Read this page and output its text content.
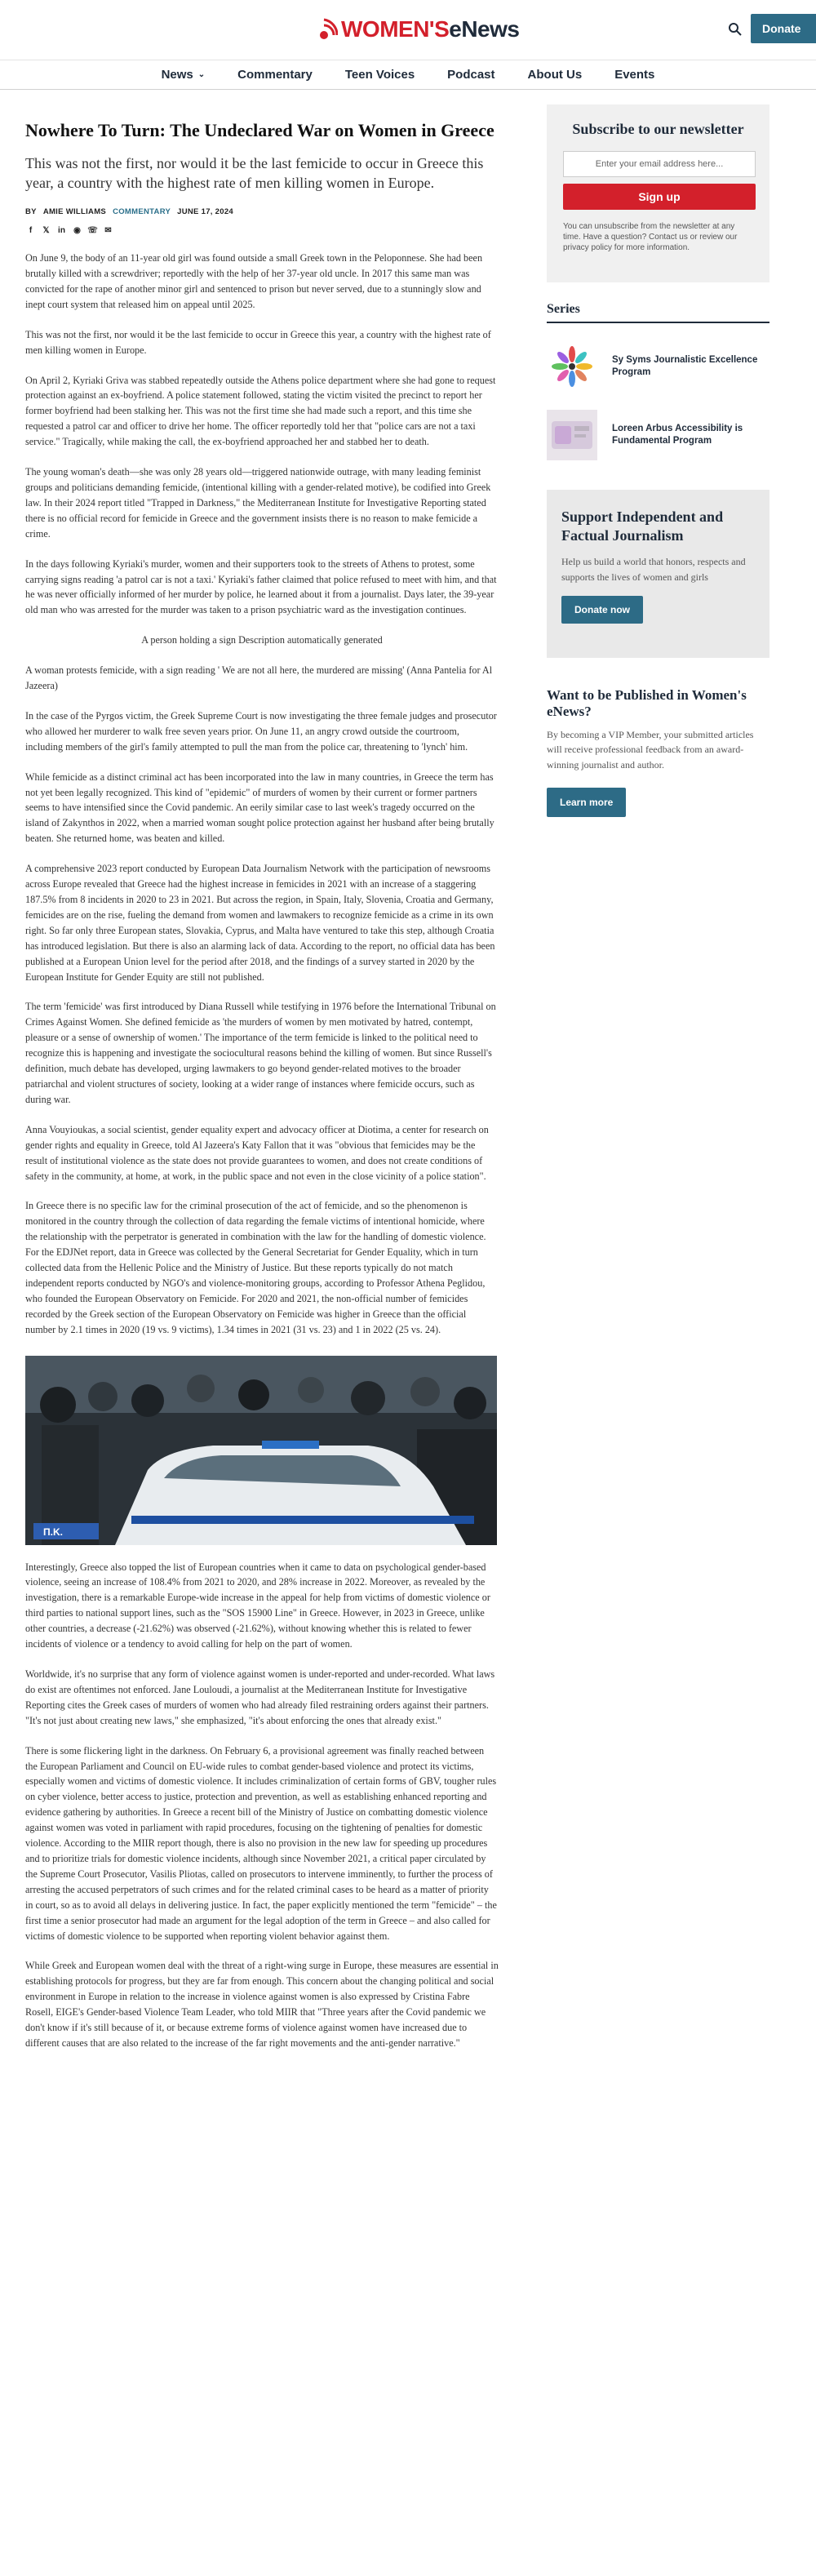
WOMEN'SeNews	Donate
News ⌄	Commentary	Teen Voices	Podcast	About Us	Events
Nowhere To Turn: The Undeclared War on Women in Greece
This was not the first, nor would it be the last femicide to occur in Greece this year, a country with the highest rate of men killing women in Europe.
BY AMIE WILLIAMS COMMENTARY JUNE 17, 2024
f	𝕏 in ◉ ☏ ✉

On June 9, the body of an 11-year old girl was found outside a small Greek town in the Peloponnese. She had been brutally killed with a screwdriver; reportedly with the help of her 37-year old uncle. In 2017 this same man was convicted for the rape of another minor girl and sentenced to prison but never served, due to a stunningly slow and inept court system that released him on appeal until 2025.

This was not the first, nor would it be the last femicide to occur in Greece this year, a country with the highest rate of men killing women in Europe.

On April 2, Kyriaki Griva was stabbed repeatedly outside the Athens police department where she had gone to request protection against an ex-boyfriend. A police statement followed, stating the victim visited the precinct to report her former boyfriend had been stalking her. This was not the first time she had made such a report, and this time she requested a patrol car and officer to drive her home. The officer reportedly told her that "police cars are not a taxi service." Tragically, while making the call, the ex-boyfriend approached her and stabbed her to death.

The young woman's death—she was only 28 years old—triggered nationwide outrage, with many leading feminist groups and politicians demanding femicide, (intentional killing with a gender-related motive), be codified into Greek law. In their 2024 report titled "Trapped in Darkness," the Mediterranean Institute for Investigative Reporting stated there is no official record for femicide in Greece and the government insists there is no reason to make femicide a crime.

In the days following Kyriaki's murder, women and their supporters took to the streets of Athens to protest, some carrying signs reading 'a patrol car is not a taxi.' Kyriaki's father claimed that police refused to meet with him, and that he was never officially informed of her murder by police, he learned about it from a journalist. Days later, the 39-year old man who was arrested for the murder was taken to a prison psychiatric ward as the investigation continues.

A person holding a sign Description automatically generated

A woman protests femicide, with a sign reading ' We are not all here, the murdered are missing' (Anna Pantelia for Al Jazeera)

In the case of the Pyrgos victim, the Greek Supreme Court is now investigating the three female judges and prosecutor who allowed her murderer to walk free seven years prior. On June 11, an angry crowd outside the courtroom, including members of the girl's family attempted to pull the man from the police car, threatening to 'lynch' him.

While femicide as a distinct criminal act has been incorporated into the law in many countries, in Greece the term has not yet been legally recognized. This kind of "epidemic" of murders of women by their current or former partners seems to have intensified since the Covid pandemic. An eerily similar case to last week's tragedy occurred on the island of Zakynthos in 2022, when a married woman sought police protection against her husband after being brutally beaten. She returned home, was beaten and killed.

A comprehensive 2023 report conducted by European Data Journalism Network with the participation of newsrooms across Europe revealed that Greece had the highest increase in femicides in 2021 with an increase of a staggering 187.5% from 8 incidents in 2020 to 23 in 2021. But across the region, in Spain, Italy, Slovenia, Croatia and Germany, femicides are on the rise, fueling the demand from women and lawmakers to recognize femicide as a crime in its own right. So far only three European states, Slovakia, Cyprus, and Malta have ventured to take this step, although Croatia has introduced legislation. But there is also an alarming lack of data. According to the report, no official data has been published at a European Union level for the period after 2018, and the findings of a survey started in 2020 by the European Institute for Gender Equity are still not published.

The term 'femicide' was first introduced by Diana Russell while testifying in 1976 before the International Tribunal on Crimes Against Women. She defined femicide as 'the murders of women by men motivated by hatred, contempt, pleasure or a sense of ownership of women.' The importance of the term femicide is linked to the political need to recognize this is happening and investigate the sociocultural reasons behind the killing of women. But since Russell's definition, much debate has developed, urging lawmakers to go beyond gender-related motives to the broader patriarchal and violent structures of society, looking at a wider range of instances where femicide occurs, such as during war.

Anna Vouyioukas, a social scientist, gender equality expert and advocacy officer at Diotima, a center for research on gender rights and equality in Greece, told Al Jazeera's Katy Fallon that it was "obvious that femicides may be the result of institutional violence as the state does not provide guarantees to women, and does not create conditions of safety in the community, at home, at work, in the public space and not even in the close vicinity of a police station".

In Greece there is no specific law for the criminal prosecution of the act of femicide, and so the phenomenon is monitored in the country through the collection of data regarding the female victims of intentional homicide, where the relationship with the perpetrator is generated in combination with the law for the handling of domestic violence. For the EDJNet report, data in Greece was collected by the General Secretariat for Gender Equality, which in turn collected data from the Hellenic Police and the Ministry of Justice. But these reports typically do not match independent reports conducted by NGO's and violence-monitoring groups, according to Professor Athena Peglidou, who founded the European Observatory on Femicide. For 2020 and 2021, the non-official number of femicides recorded by the Greek section of the European Observatory on Femicide was higher in Greece than the official number by 2.1 times in 2020 (19 vs. 9 victims), 1.34 times in 2021 (31 vs. 23) and 1 in 2022 (25 vs. 24).

Π.Κ.

Interestingly, Greece also topped the list of European countries when it came to data on psychological gender-based violence, seeing an increase of 108.4% from 2021 to 2020, and 28% increase in 2022. Moreover, as revealed by the investigation, there is a remarkable Europe-wide increase in the appeal for help from victims of domestic violence or third parties to national support lines, such as the "SOS 15900 Line" in Greece. However, in 2023 in Greece, unlike other countries, a decrease (-21.62%) was observed (-21.62%), without knowing whether this is related to fewer incidents of violence or a tendency to avoid calling for help on the part of women.

Worldwide, it's no surprise that any form of violence against women is under-reported and under-recorded. What laws do exist are oftentimes not enforced. Jane Louloudi, a journalist at the Mediterranean Institute for Investigative Reporting cites the Greek cases of murders of women who had already filed restraining orders against their partners. "It's not just about creating new laws," she emphasized, "it's about enforcing the ones that already exist."

There is some flickering light in the darkness. On February 6, a provisional agreement was finally reached between the European Parliament and Council on EU-wide rules to combat gender-based violence and protect its victims, especially women and victims of domestic violence. It includes criminalization of certain forms of GBV, tougher rules on cyber violence, better access to justice, protection and prevention, as well as establishing enhanced reporting and evidence gathering by authorities. In Greece a recent bill of the Ministry of Justice on combatting domestic violence against women was voted in parliament with rapid procedures, focusing on the tightening of penalties for domestic violence. According to the MIIR report though, there is also no provision in the new law for speeding up procedures and to prioritize trials for domestic violence incidents, although since November 2021, a critical paper circulated by the Supreme Court Prosecutor, Vasilis Pliotas, called on prosecutors to intervene imminently, to further the process of arresting the accused perpetrators of such crimes and for the related criminal cases to be heard as a matter of priority in court, so as to avoid all delays in delivering justice. In fact, the paper explicitly mentioned the term "femicide" – the first time a senior prosecutor had made an argument for the legal adoption of the term in Greece – and also called for victims of domestic violence to be supported when reporting violent behavior against them.

While Greek and European women deal with the threat of a right-wing surge in Europe, these measures are essential in establishing protocols for progress, but they are far from enough. This concern about the changing political and social environment in Europe in relation to the increase in violence against women is also expressed by Cristina Fabre Rosell, EIGE's Gender-based Violence Team Leader, who told MIIR that "Three years after the Covid pandemic we don't know if it's still because of it, or because extreme forms of violence against women have increased due to different causes that are also related to the increase of the far right movements and the anti-gender narrative."

Subscribe to our newsletter
Enter your email address here...
Sign up
You can unsubscribe from the newsletter at any time. Have a question? Contact us or review our privacy policy for more information.
Series
Sy Syms Journalistic Excellence Program
Loreen Arbus Accessibility is Fundamental Program
Support Independent and Factual Journalism

Help us build a world that honors, respects and supports the lives of women and girls

Donate now
Want to be Published in Women's eNews?

By becoming a VIP Member, your submitted articles will receive professional feedback from an award-winning journalist and author.

Learn more
